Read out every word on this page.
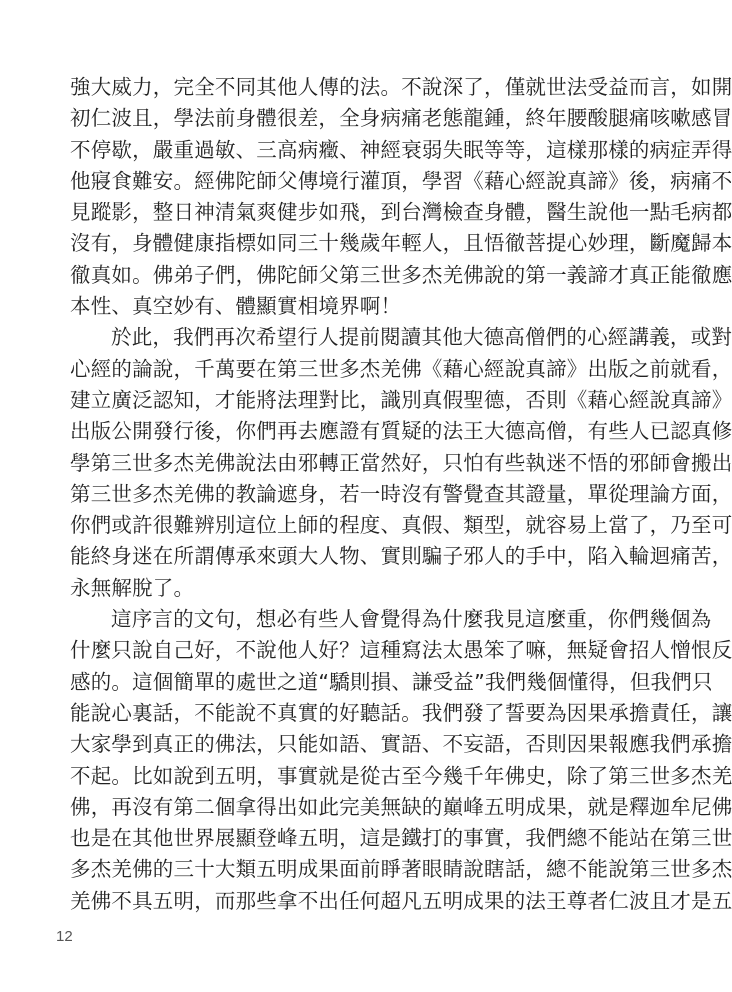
強大威力，完全不同其他人傳的法。不說深了，僅就世法受益而言，如開
初仁波且，學法前身體很差，全身病痛老態龍鍾，終年腰酸腿痛咳嗽感冒
不停歇，嚴重過敏、三高病癥、神經衰弱失眠等等，這樣那樣的病症弄得
他寢食難安。經佛陀師父傳境行灌頂，學習《藉心經說真諦》後，病痛不
見蹤影，整日神清氣爽健步如飛，到台灣檢查身體，醫生說他一點毛病都
沒有，身體健康指標如同三十幾歲年輕人，且悟徹菩提心妙理，斷魔歸本
徹真如。佛弟子們，佛陀師父第三世多杰羌佛說的第一義諦才真正能徹應
本性、真空妙有、體顯實相境界啊！
於此，我們再次希望行人提前閱讀其他大德高僧們的心經講義，或對
心經的論說，千萬要在第三世多杰羌佛《藉心經說真諦》出版之前就看，
建立廣泛認知，才能將法理對比，識別真假聖德，否則《藉心經說真諦》
出版公開發行後，你們再去應證有質疑的法王大德高僧，有些人已認真修
學第三世多杰羌佛說法由邪轉正當然好，只怕有些執迷不悟的邪師會搬出
第三世多杰羌佛的教論遮身，若一時沒有警覺查其證量，單從理論方面，
你們或許很難辨別這位上師的程度、真假、類型，就容易上當了，乃至可
能終身迷在所謂傳承來頭大人物、實則騙子邪人的手中，陷入輪迴痛苦，
永無解脫了。
這序言的文句，想必有些人會覺得為什麼我見這麼重，你們幾個為
什麼只說自己好，不說他人好？這種寫法太愚笨了嘛，無疑會招人憎恨反
感的。這個簡單的處世之道“驕則損、謙受益”我們幾個懂得，但我們只
能說心裏話，不能說不真實的好聽話。我們發了誓要為因果承擔責任，讓
大家學到真正的佛法，只能如語、實語、不妄語，否則因果報應我們承擔
不起。比如說到五明，事實就是從古至今幾千年佛史，除了第三世多杰羌
佛，再沒有第二個拿得出如此完美無缺的巔峰五明成果，就是釋迦牟尼佛
也是在其他世界展顯登峰五明，這是鐵打的事實，我們總不能站在第三世
多杰羌佛的三十大類五明成果面前睜著眼睛說瞎話，總不能說第三世多杰
羌佛不具五明，而那些拿不出任何超凡五明成果的法王尊者仁波且才是五
12
